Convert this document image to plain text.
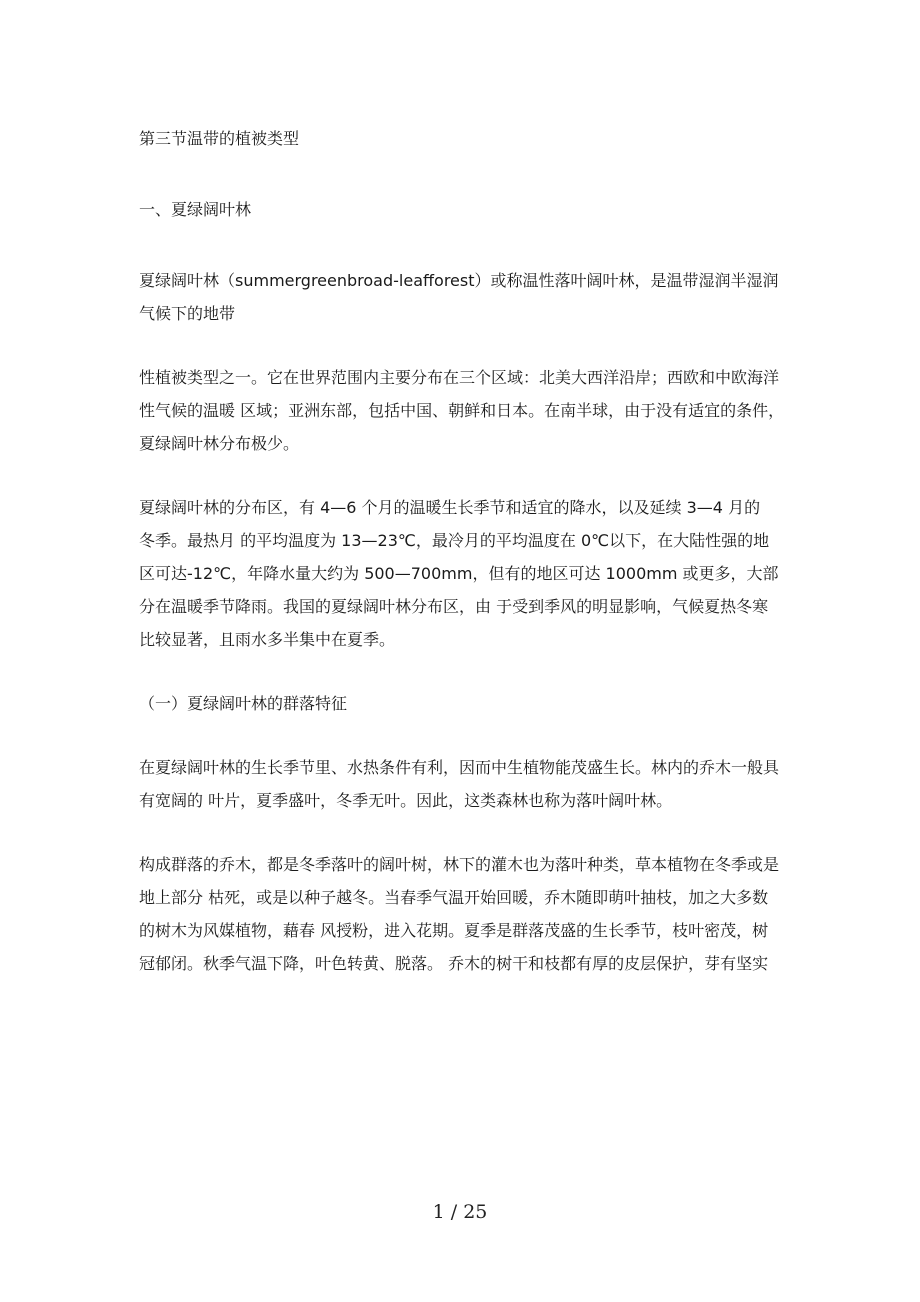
第三节温带的植被类型
一、夏绿阔叶林
夏绿阔叶林（summergreenbroad-leafforest）或称温性落叶阔叶林，是温带湿润半湿润
气候下的地带
性植被类型之一。它在世界范围内主要分布在三个区域：北美大西洋沿岸；西欧和中欧海洋
性气候的温暖 区域；亚洲东部，包括中国、朝鲜和日本。在南半球，由于没有适宜的条件，
夏绿阔叶林分布极少。
夏绿阔叶林的分布区，有 4—6 个月的温暖生长季节和适宜的降水，以及延续 3—4 月的
冬季。最热月 的平均温度为 13—23℃，最冷月的平均温度在 0℃以下，在大陆性强的地
区可达-12℃，年降水量大约为 500—700mm，但有的地区可达 1000mm 或更多，大部
分在温暖季节降雨。我国的夏绿阔叶林分布区，由 于受到季风的明显影响，气候夏热冬寒
比较显著，且雨水多半集中在夏季。
（一）夏绿阔叶林的群落特征
在夏绿阔叶林的生长季节里、水热条件有利，因而中生植物能茂盛生长。林内的乔木一般具
有宽阔的 叶片，夏季盛叶，冬季无叶。因此，这类森林也称为落叶阔叶林。
构成群落的乔木，都是冬季落叶的阔叶树，林下的灌木也为落叶种类，草本植物在冬季或是
地上部分 枯死，或是以种子越冬。当春季气温开始回暖，乔木随即萌叶抽枝，加之大多数
的树木为风媒植物，藉春 风授粉，进入花期。夏季是群落茂盛的生长季节，枝叶密茂，树
冠郁闭。秋季气温下降，叶色转黄、脱落。 乔木的树干和枝都有厚的皮层保护，芽有坚实
1 / 25
